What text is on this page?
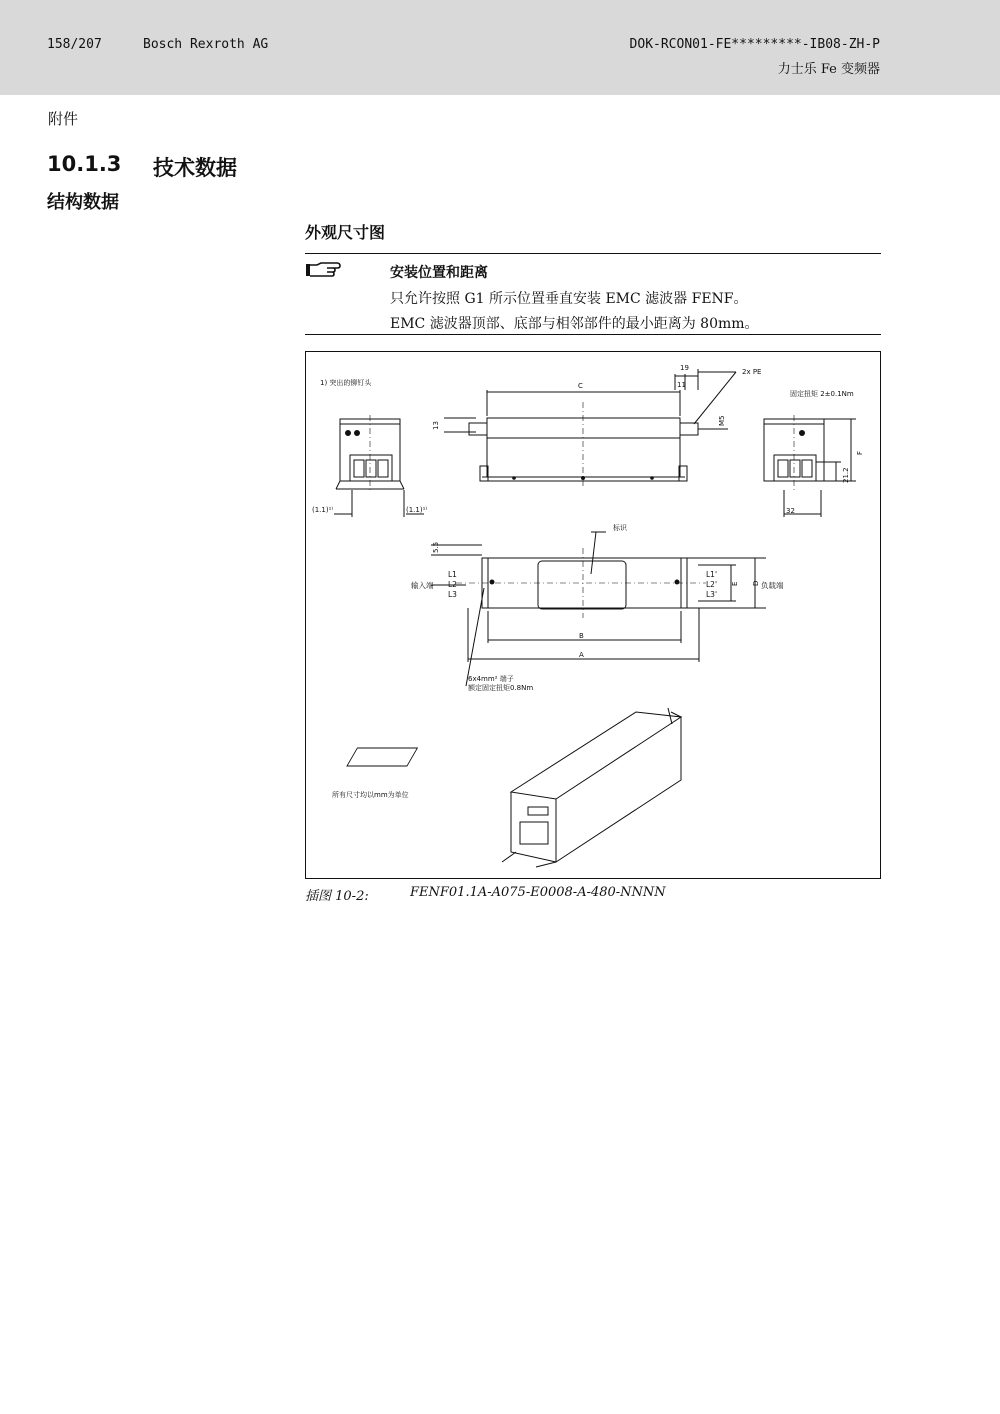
158/207	Bosch Rexroth AG	DOK-RCON01-FE*********-IB08-ZH-P
力士乐 Fe 变频器
附件
10.1.3 技术数据
结构数据
外观尺寸图
安装位置和距离
只允许按照 G1 所示位置垂直安装 EMC 滤波器 FENF。
EMC 滤波器顶部、底部与相邻部件的最小距离为 80mm。
1) 突出的铆钉头
2x PE
固定扭矩 2±0.1Nm
19
11
C
M5
13
F
21.2
32
(1.1)¹⁾	(1.1)¹⁾
5.5
标识
输入端	负载端
L1
L2
L3
L1'
L2'
L3'
E D
B
A
6x4mm² 端子
额定固定扭矩0.8Nm
所有尺寸均以mm为单位
插图 10-2:	FENF01.1A-A075-E0008-A-480-NNNN
